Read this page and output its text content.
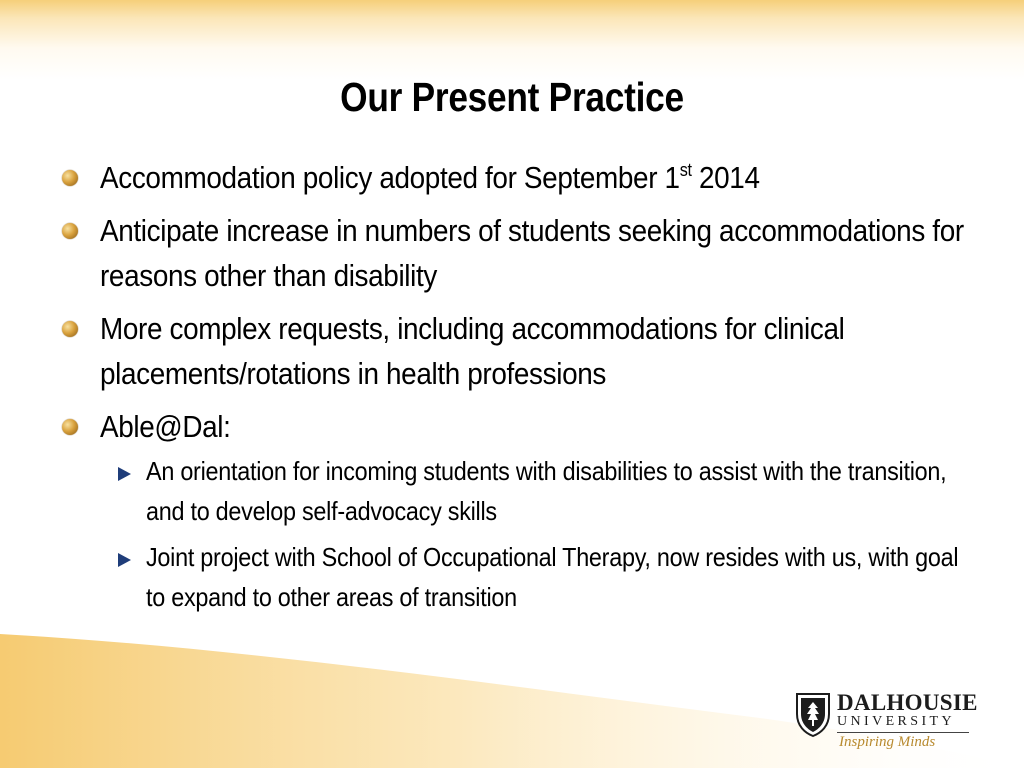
Our Present Practice
Accommodation policy adopted for September 1st 2014
Anticipate increase in numbers of students seeking accommodations for reasons other than disability
More complex requests, including accommodations for clinical placements/rotations in health professions
Able@Dal:
An orientation for incoming students with disabilities to assist with the transition, and to develop self-advocacy skills
Joint project with School of Occupational Therapy, now resides with us, with goal to expand to other areas of transition
DALHOUSIE
UNIVERSITY
Inspiring Minds
